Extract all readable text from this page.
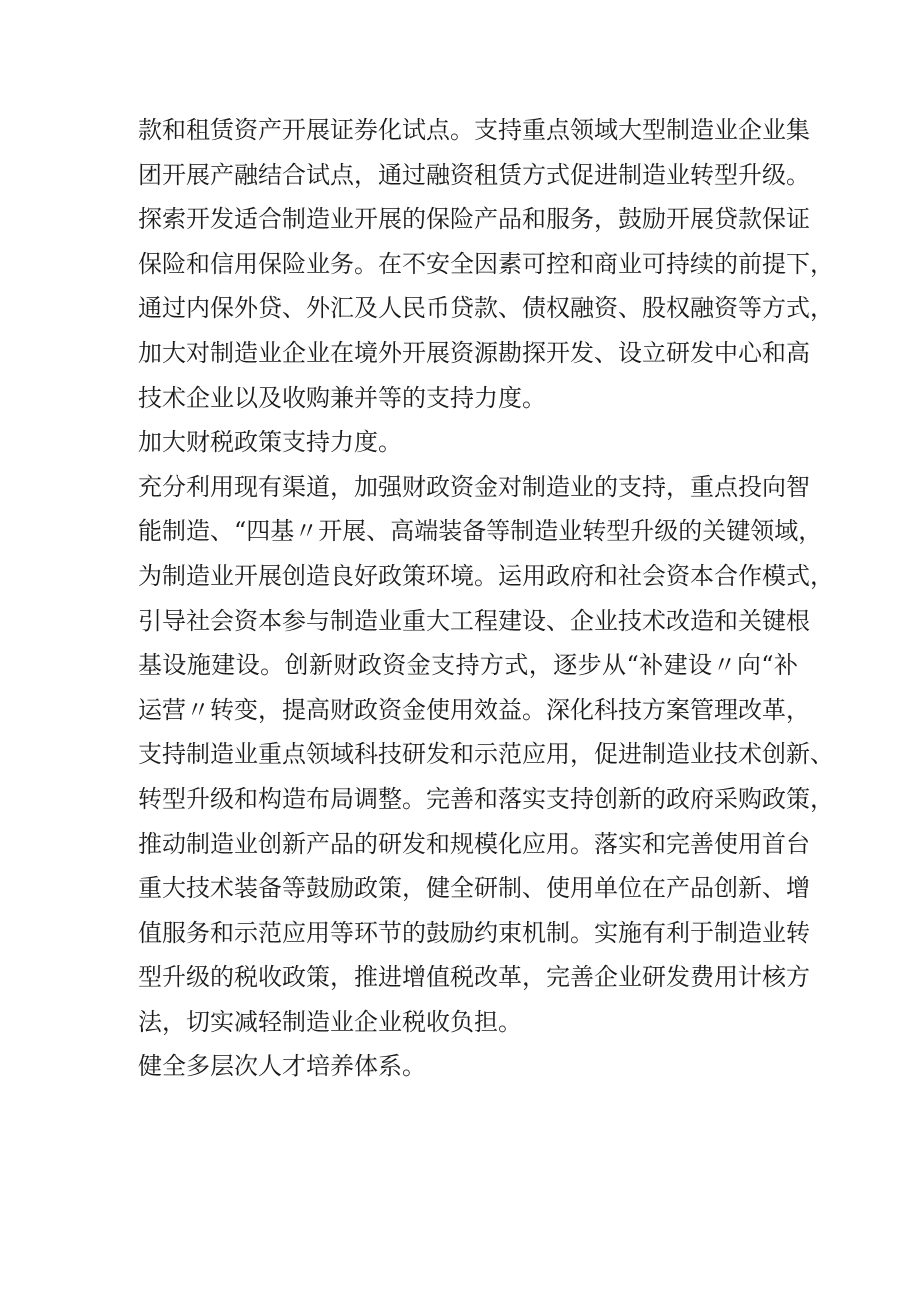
款和租赁资产开展证券化试点。支持重点领域大型制造业企业集
团开展产融结合试点，通过融资租赁方式促进制造业转型升级。
探索开发适合制造业开展的保险产品和服务，鼓励开展贷款保证
保险和信用保险业务。在不安全因素可控和商业可持续的前提下，
通过内保外贷、外汇及人民币贷款、债权融资、股权融资等方式，
加大对制造业企业在境外开展资源勘探开发、设立研发中心和高
技术企业以及收购兼并等的支持力度。
加大财税政策支持力度。
充分利用现有渠道，加强财政资金对制造业的支持，重点投向智
能制造、“四基〃开展、高端装备等制造业转型升级的关键领域，
为制造业开展创造良好政策环境。运用政府和社会资本合作模式，
引导社会资本参与制造业重大工程建设、企业技术改造和关键根
基设施建设。创新财政资金支持方式，逐步从“补建设〃向“补
运营〃转变，提高财政资金使用效益。深化科技方案管理改革，
支持制造业重点领域科技研发和示范应用，促进制造业技术创新、
转型升级和构造布局调整。完善和落实支持创新的政府采购政策，
推动制造业创新产品的研发和规模化应用。落实和完善使用首台
重大技术装备等鼓励政策，健全研制、使用单位在产品创新、增
值服务和示范应用等环节的鼓励约束机制。实施有利于制造业转
型升级的税收政策，推进增值税改革，完善企业研发费用计核方
法，切实减轻制造业企业税收负担。
健全多层次人才培养体系。
